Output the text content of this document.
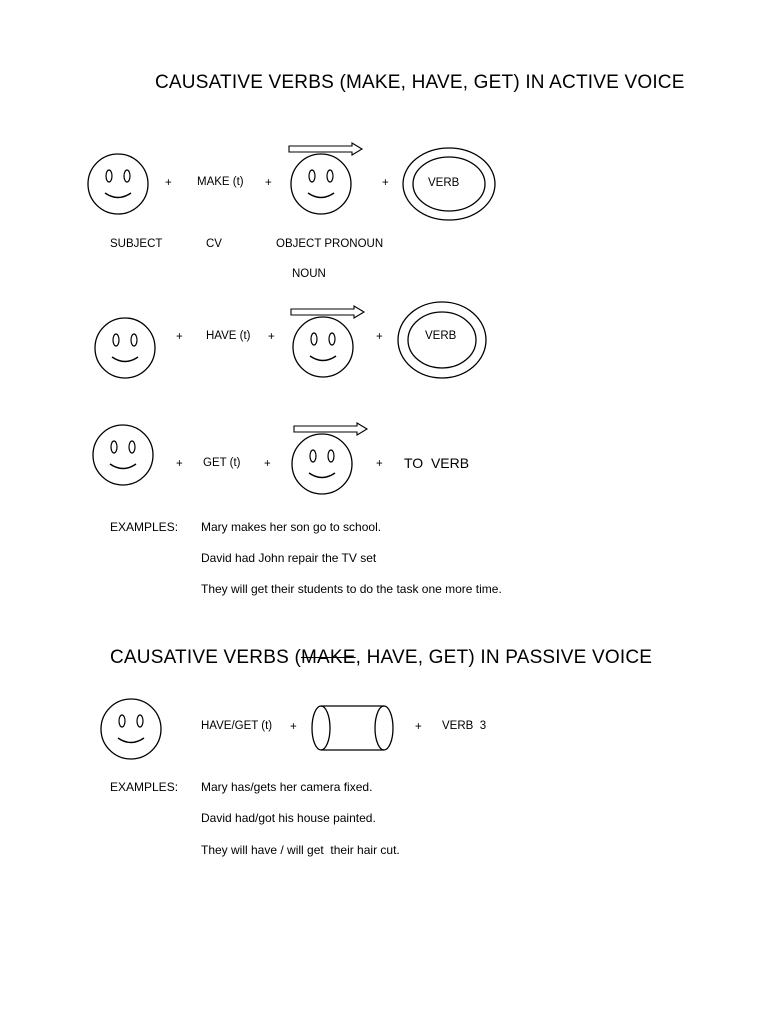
CAUSATIVE VERBS (MAKE, HAVE, GET) IN ACTIVE VOICE
+ MAKE (t) +	+	VERB
SUBJECT	CV	OBJECT PRONOUN
NOUN
+ HAVE (t) +	+	VERB
+ GET (t) +	+ TO  VERB
EXAMPLES: Mary makes her son go to school.
David had John repair the TV set
They will get their students to do the task one more time.
CAUSATIVE VERBS (MAKE, HAVE, GET) IN PASSIVE VOICE
HAVE/GET (t) +	+ VERB  3
EXAMPLES: Mary has/gets her camera fixed.
David had/got his house painted.
They will have / will get  their hair cut.
